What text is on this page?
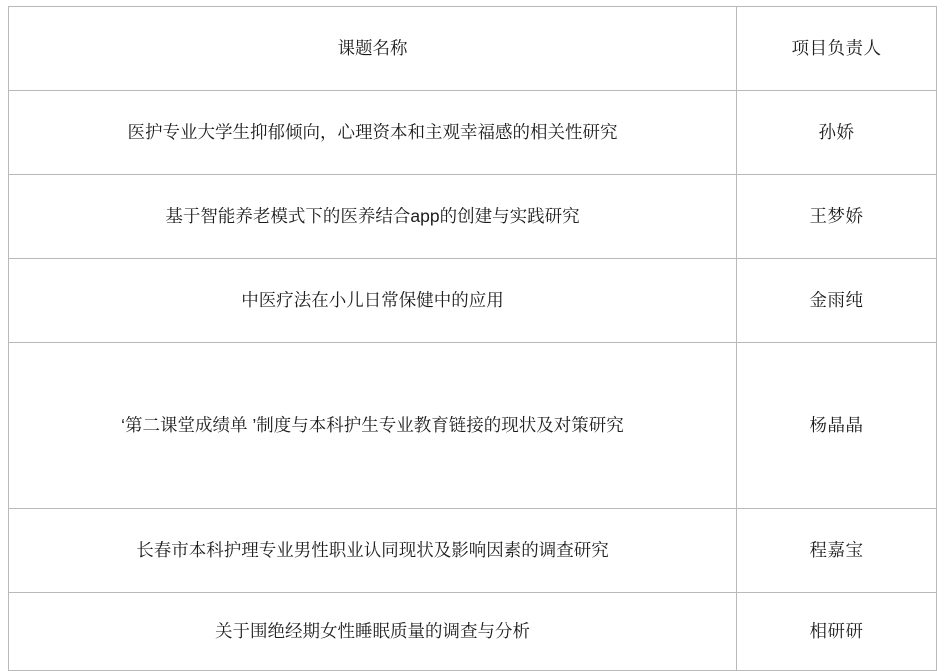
课题名称	项目负责人
医护专业大学生抑郁倾向，心理资本和主观幸福感的相关性研究	孙娇
基于智能养老模式下的医养结合app的创建与实践研究	王梦娇
中医疗法在小儿日常保健中的应用	金雨纯
‘第二课堂成绩单 ’制度与本科护生专业教育链接的现状及对策研究	杨晶晶
长春市本科护理专业男性职业认同现状及影响因素的调查研究	程嘉宝
关于围绝经期女性睡眠质量的调查与分析	相研研
